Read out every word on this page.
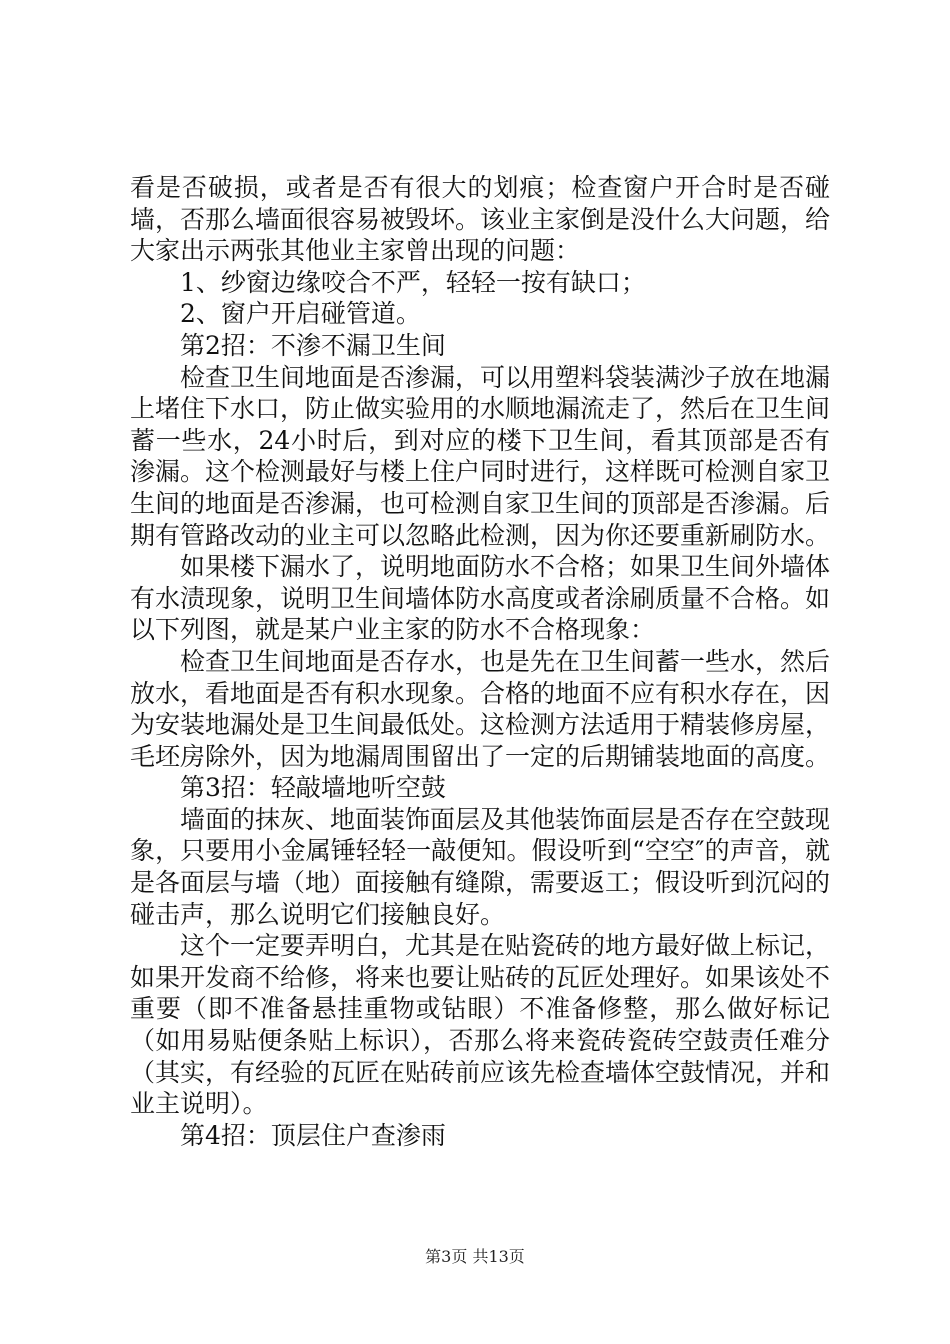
看是否破损，或者是否有很大的划痕；检查窗户开合时是否碰墙，否那么墙面很容易被毁坏。该业主家倒是没什么大问题，给大家出示两张其他业主家曾出现的问题：

1、纱窗边缘咬合不严，轻轻一按有缺口；

2、窗户开启碰管道。

第2招：不渗不漏卫生间

检查卫生间地面是否渗漏，可以用塑料袋装满沙子放在地漏上堵住下水口，防止做实验用的水顺地漏流走了，然后在卫生间蓄一些水，24小时后，到对应的楼下卫生间，看其顶部是否有渗漏。这个检测最好与楼上住户同时进行，这样既可检测自家卫生间的地面是否渗漏，也可检测自家卫生间的顶部是否渗漏。后期有管路改动的业主可以忽略此检测，因为你还要重新刷防水。

如果楼下漏水了，说明地面防水不合格；如果卫生间外墙体有水渍现象，说明卫生间墙体防水高度或者涂刷质量不合格。如以下列图，就是某户业主家的防水不合格现象：

检查卫生间地面是否存水，也是先在卫生间蓄一些水，然后放水，看地面是否有积水现象。合格的地面不应有积水存在，因为安装地漏处是卫生间最低处。这检测方法适用于精装修房屋，毛坯房除外，因为地漏周围留出了一定的后期铺装地面的高度。

第3招：轻敲墙地听空鼓

墙面的抹灰、地面装饰面层及其他装饰面层是否存在空鼓现象，只要用小金属锤轻轻一敲便知。假设听到“空空″的声音，就是各面层与墙（地）面接触有缝隙，需要返工；假设听到沉闷的碰击声，那么说明它们接触良好。

这个一定要弄明白，尤其是在贴瓷砖的地方最好做上标记，如果开发商不给修，将来也要让贴砖的瓦匠处理好。如果该处不重要（即不准备悬挂重物或钻眼）不准备修整，那么做好标记（如用易贴便条贴上标识），否那么将来瓷砖瓷砖空鼓责任难分（其实，有经验的瓦匠在贴砖前应该先检查墙体空鼓情况，并和业主说明）。

第4招：顶层住户查渗雨

第3页 共13页
